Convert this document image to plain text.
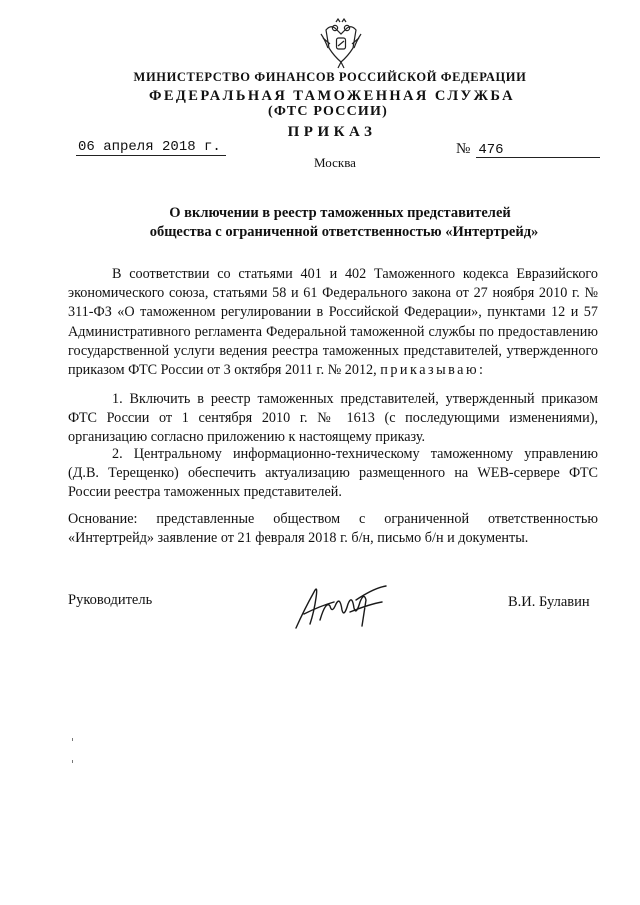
МИНИСТЕРСТВО ФИНАНСОВ РОССИЙСКОЙ ФЕДЕРАЦИИ
ФЕДЕРАЛЬНАЯ ТАМОЖЕННАЯ СЛУЖБА
(ФТС РОССИИ)
ПРИКАЗ
06 апреля 2018 г.	№ 476
Москва
О включении в реестр таможенных представителей
общества с ограниченной ответственностью «Интертрейд»
В соответствии со статьями 401 и 402 Таможенного кодекса Евразийского экономического союза, статьями 58 и 61 Федерального закона от 27 ноября 2010 г. № 311-ФЗ «О таможенном регулировании в Российской Федерации», пунктами 12 и 57 Административного регламента Федеральной таможенной службы по предоставлению государственной услуги ведения реестра таможенных представителей, утвержденного приказом ФТС России от 3 октября 2011 г. № 2012, приказываю:
1. Включить в реестр таможенных представителей, утвержденный приказом ФТС России от 1 сентября 2010 г. № 1613 (с последующими изменениями), организацию согласно приложению к настоящему приказу.
2. Центральному информационно-техническому таможенному управлению (Д.В. Терещенко) обеспечить актуализацию размещенного на WEB-сервере ФТС России реестра таможенных представителей.
Основание: представленные обществом с ограниченной ответственностью «Интертрейд» заявление от 21 февраля 2018 г. б/н, письмо б/н и документы.
Руководитель	В.И. Булавин
